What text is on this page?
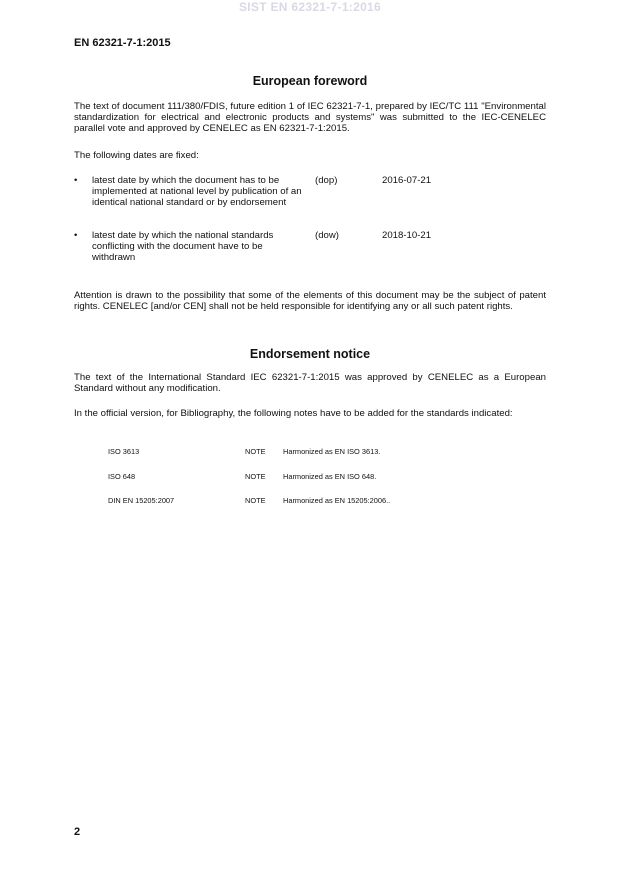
SIST EN 62321-7-1:2016
EN 62321-7-1:2015
European foreword
The text of document 111/380/FDIS, future edition 1 of IEC 62321-7-1, prepared by IEC/TC 111 "Environmental standardization for electrical and electronic products and systems" was submitted to the IEC-CENELEC parallel vote and approved by CENELEC as EN 62321-7-1:2015.
The following dates are fixed:
• latest date by which the document has to be implemented at national level by publication of an identical national standard or by endorsement
(dop)	2016-07-21
• latest date by which the national standards conflicting with the document have to be withdrawn
(dow)	2018-10-21
Attention is drawn to the possibility that some of the elements of this document may be the subject of patent rights. CENELEC [and/or CEN] shall not be held responsible for identifying any or all such patent rights.
Endorsement notice
The text of the International Standard IEC 62321-7-1:2015 was approved by CENELEC as a European Standard without any modification.
In the official version, for Bibliography, the following notes have to be added for the standards indicated:
ISO 3613	NOTE Harmonized as EN ISO 3613.
ISO 648	NOTE Harmonized as EN ISO 648.
DIN EN 15205:2007	NOTE Harmonized as EN 15205:2006..
2
